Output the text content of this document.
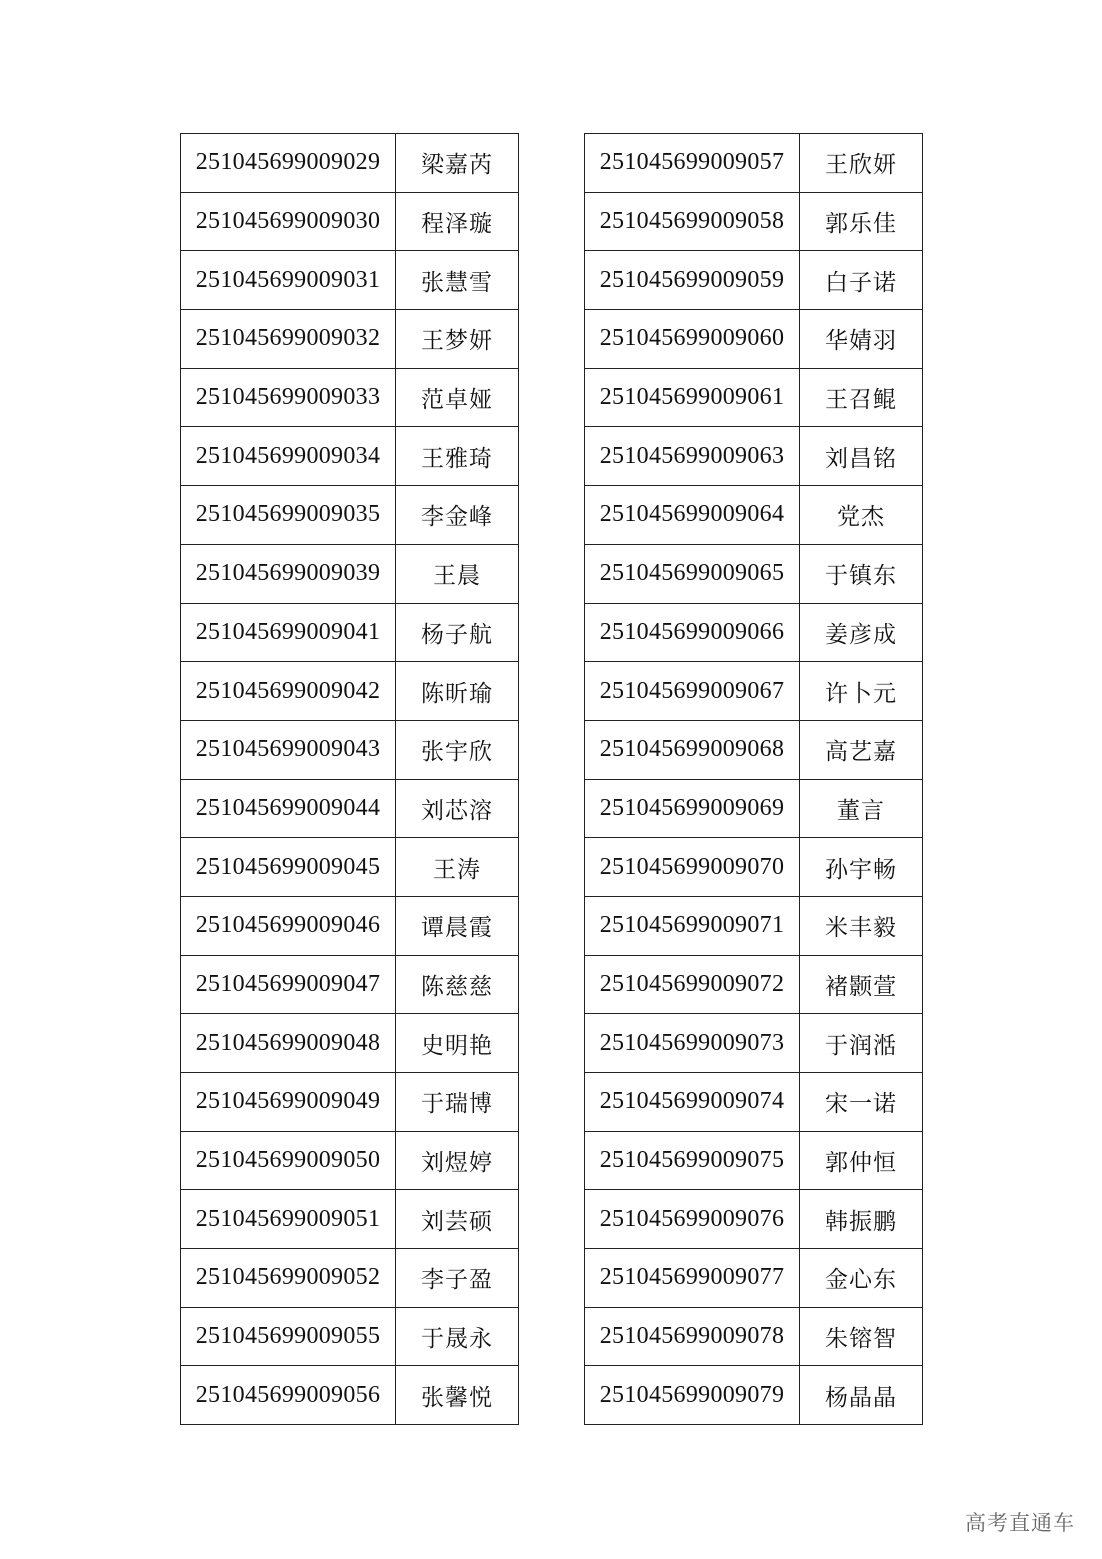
251045699009029	梁嘉芮
251045699009030	程泽璇
251045699009031	张慧雪
251045699009032	王梦妍
251045699009033	范卓娅
251045699009034	王雅琦
251045699009035	李金峰
251045699009039	王晨
251045699009041	杨子航
251045699009042	陈昕瑜
251045699009043	张宇欣
251045699009044	刘芯溶
251045699009045	王涛
251045699009046	谭晨霞
251045699009047	陈慈慈
251045699009048	史明艳
251045699009049	于瑞博
251045699009050	刘煜婷
251045699009051	刘芸硕
251045699009052	李子盈
251045699009055	于晟永
251045699009056	张馨悦
251045699009057	王欣妍
251045699009058	郭乐佳
251045699009059	白子诺
251045699009060	华婧羽
251045699009061	王召鲲
251045699009063	刘昌铭
251045699009064	党杰
251045699009065	于镇东
251045699009066	姜彦成
251045699009067	许卜元
251045699009068	高艺嘉
251045699009069	董言
251045699009070	孙宇畅
251045699009071	米丰毅
251045699009072	褚颢萱
251045699009073	于润湉
251045699009074	宋一诺
251045699009075	郭仲恒
251045699009076	韩振鹏
251045699009077	金心东
251045699009078	朱镕智
251045699009079	杨晶晶
高考直通车
